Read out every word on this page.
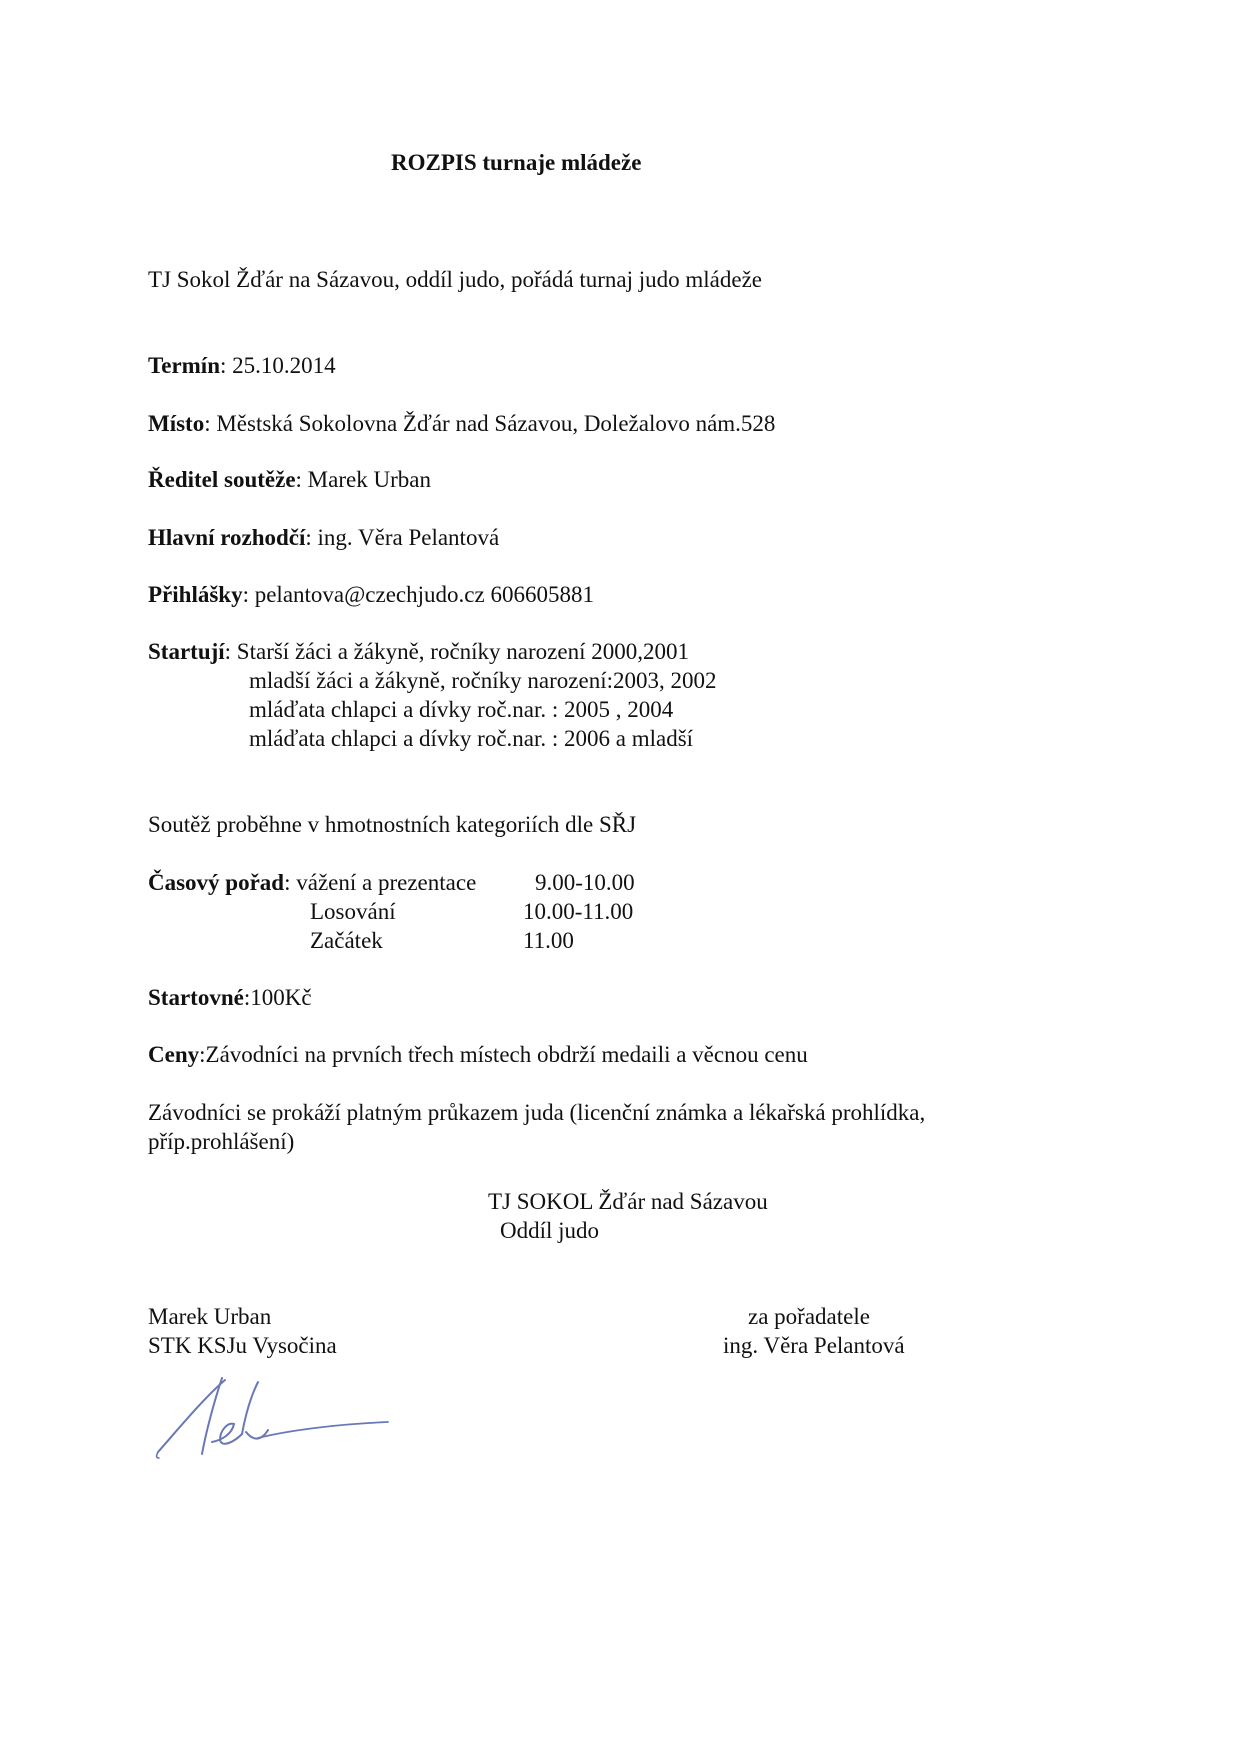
ROZPIS turnaje mládeže
TJ Sokol Žďár na Sázavou, oddíl judo, pořádá turnaj judo mládeže
Termín: 25.10.2014
Místo: Městská Sokolovna Žďár nad Sázavou, Doležalovo nám.528
Ředitel soutěže: Marek Urban
Hlavní rozhodčí: ing. Věra Pelantová
Přihlášky: pelantova@czechjudo.cz 606605881
Startují: Starší žáci a žákyně, ročníky narození 2000,2001
mladší žáci a žákyně, ročníky narození:2003, 2002
mláďata chlapci a dívky roč.nar. : 2005 , 2004
mláďata chlapci a dívky roč.nar. : 2006 a mladší
Soutěž proběhne v hmotnostních kategoriích dle SŘJ
Časový pořad: vážení a prezentace	9.00-10.00
Losování	10.00-11.00
Začátek	11.00
Startovné:100Kč
Ceny:Závodníci na prvních třech místech obdrží medaili a věcnou cenu
Závodníci se prokáží platným průkazem juda (licenční známka a lékařská prohlídka,
příp.prohlášení)
TJ SOKOL Žďár nad Sázavou
Oddíl judo
Marek Urban
STK KSJu Vysočina
za pořadatele
ing. Věra Pelantová
